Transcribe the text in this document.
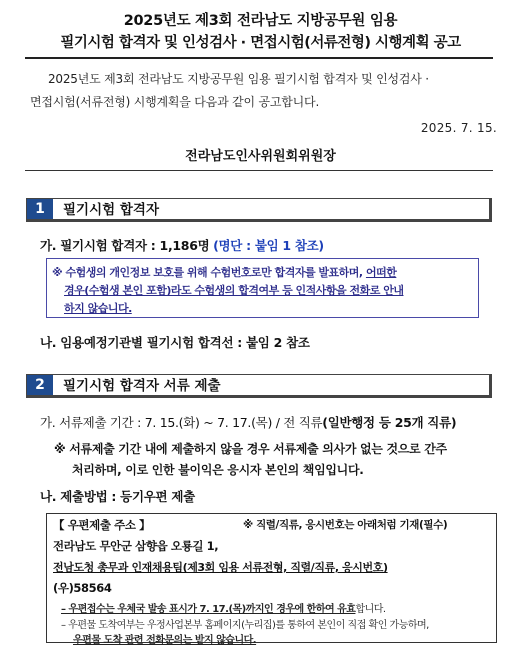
2025년도 제3회 전라남도 지방공무원 임용
필기시험 합격자 및 인성검사 · 면접시험(서류전형) 시행계획 공고
2025년도 제3회 전라남도 지방공무원 임용 필기시험 합격자 및 인성검사 ·
면접시험(서류전형) 시행계획을 다음과 같이 공고합니다.
2025. 7. 15.
전라남도인사위원회위원장
1	필기시험 합격자
가. 필기시험 합격자 : 1,186명 (명단 : 붙임 1 참조)
※ 수험생의 개인정보 보호를 위해 수험번호로만 합격자를 발표하며, 어떠한
경우(수험생 본인 포함)라도 수험생의 합격여부 등 인적사항을 전화로 안내
하지 않습니다.
나. 임용예정기관별 필기시험 합격선 : 붙임 2 참조
2	필기시험 합격자 서류 제출
가. 서류제출 기간 : 7. 15.(화) ~ 7. 17.(목) / 전 직류(일반행정 등 25개 직류)
※ 서류제출 기간 내에 제출하지 않을 경우 서류제출 의사가 없는 것으로 간주
처리하며, 이로 인한 불이익은 응시자 본인의 책임입니다.
나. 제출방법 : 등기우편 제출
【 우편제출 주소 】	※ 직렬/직류, 응시번호는 아래처럼 기재(필수)
전라남도 무안군 삼향읍 오룡길 1,
전남도청 총무과 인재채용팀(제3회 임용 서류전형, 직렬/직류, 응시번호)
(우)58564
– 우편접수는 우체국 발송 표시가 7. 17.(목)까지인 경우에 한하여 유효합니다.
– 우편물 도착여부는 우정사업본부 홈페이지(누리집)를 통하여 본인이 직접 확인 가능하며,
우편물 도착 관련 전화문의는 받지 않습니다.
